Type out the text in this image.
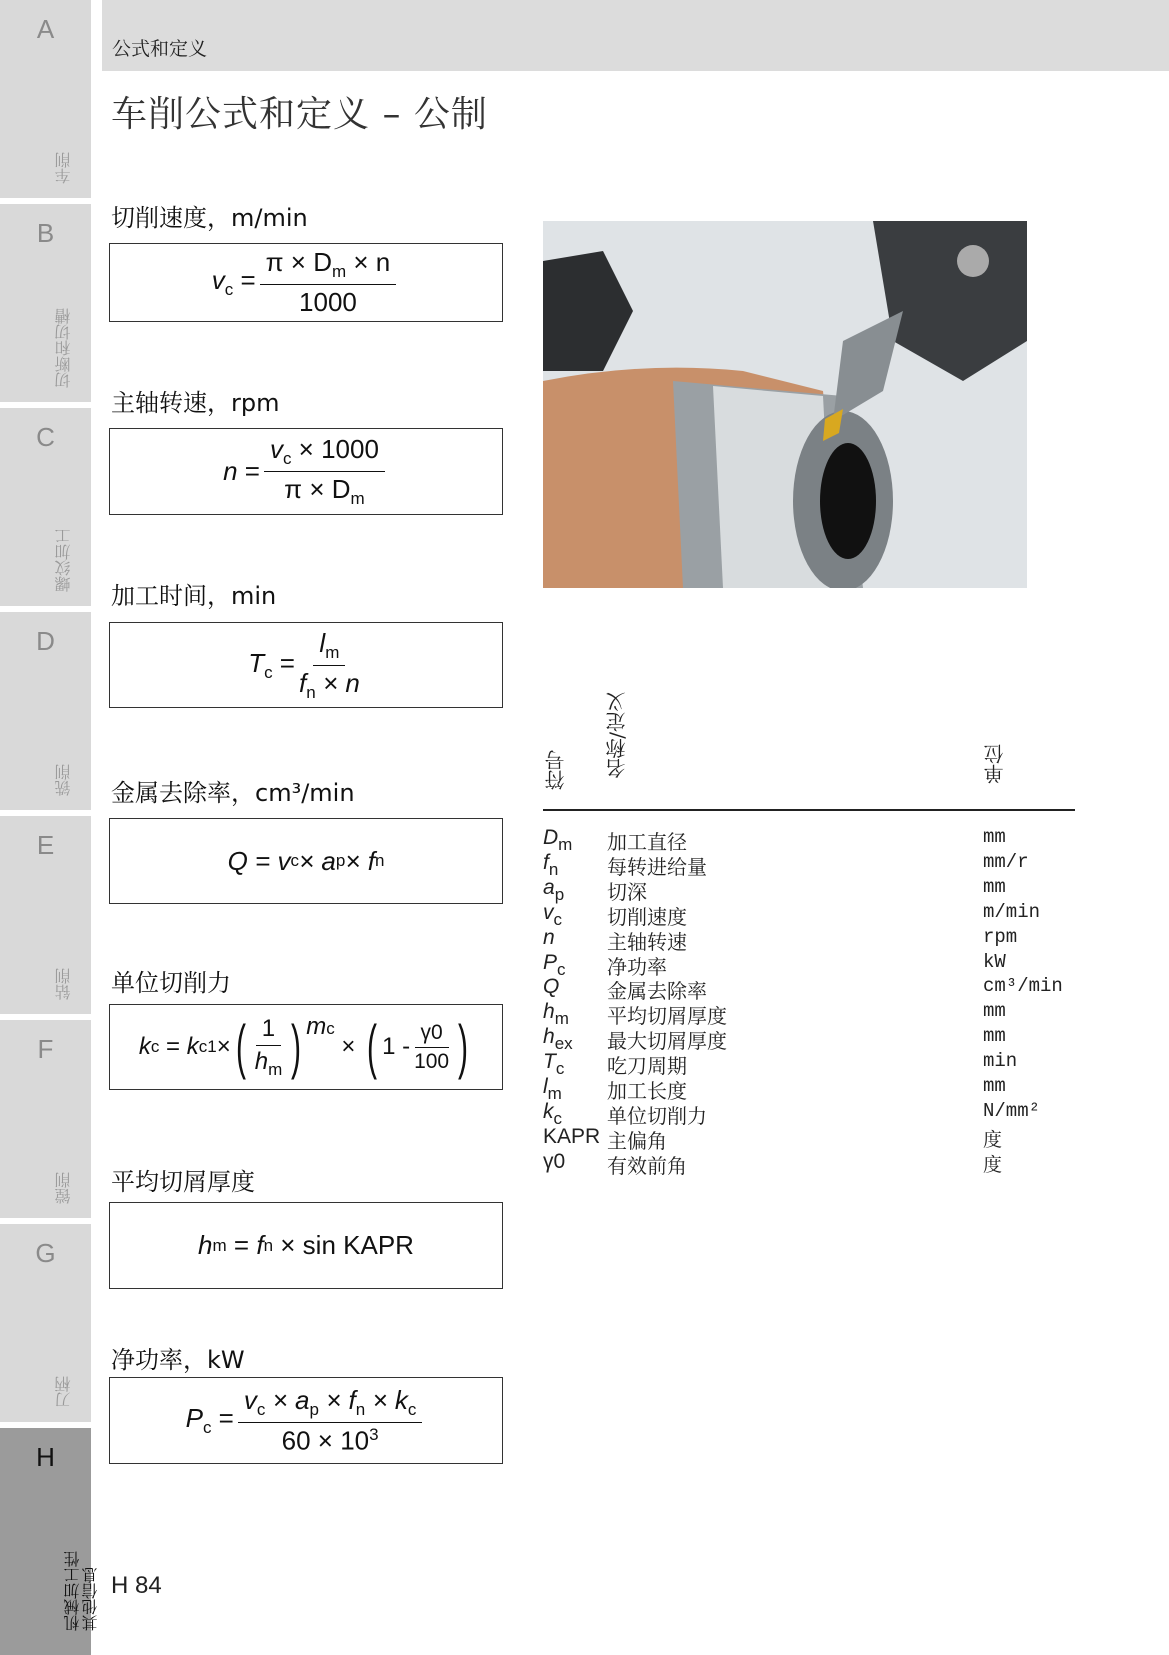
A
车削
B
切断和切槽
C
螺纹加工
D
铣削
E
钻削
F
镗削
G
刀柄
H
机械加工性
其他信息
公式和定义
车削公式和定义 – 公制
切削速度，m/min
$v_c = \frac{\pi \times D_m \times n}{1000}$
主轴转速，rpm
$n = \frac{v_c \times 1000}{\pi \times D_m}$
加工时间，min
$T_c = \frac{l_m}{f_n \times n}$
金属去除率，cm³/min
Q = v c × a p × f n
单位切削力
k c = k c1 × ( $\frac{1}{h_m}$ ) mc

×
( $1 - \frac{\gamma 0}{100}$ )
平均切屑厚度
h m = f n
× sin KAPR
净功率，kW
$P_c = \frac{v_c \times a_p \times f_n \times k_c}{60 \times 10^3}$
符号 名称/定义	单位
$D_m$ 加工直径	mm
$f_n$ 每转进给量	mm/r
$a_p$ 切深	mm
$v_c$ 切削速度	m/min
n	主轴转速	rpm
$P_c$ 净功率	kW
Q 金属去除率	cm³/min
$h_m$ 平均切屑厚度	mm
$h_{ex}$ 最大切屑厚度	mm
$T_c$ 吃刀周期	min
$l_m$ 加工长度	mm
$k_c$ 单位切削力	N/mm²
KAPR 主偏角	度
γ0 有效前角	度
H 84
